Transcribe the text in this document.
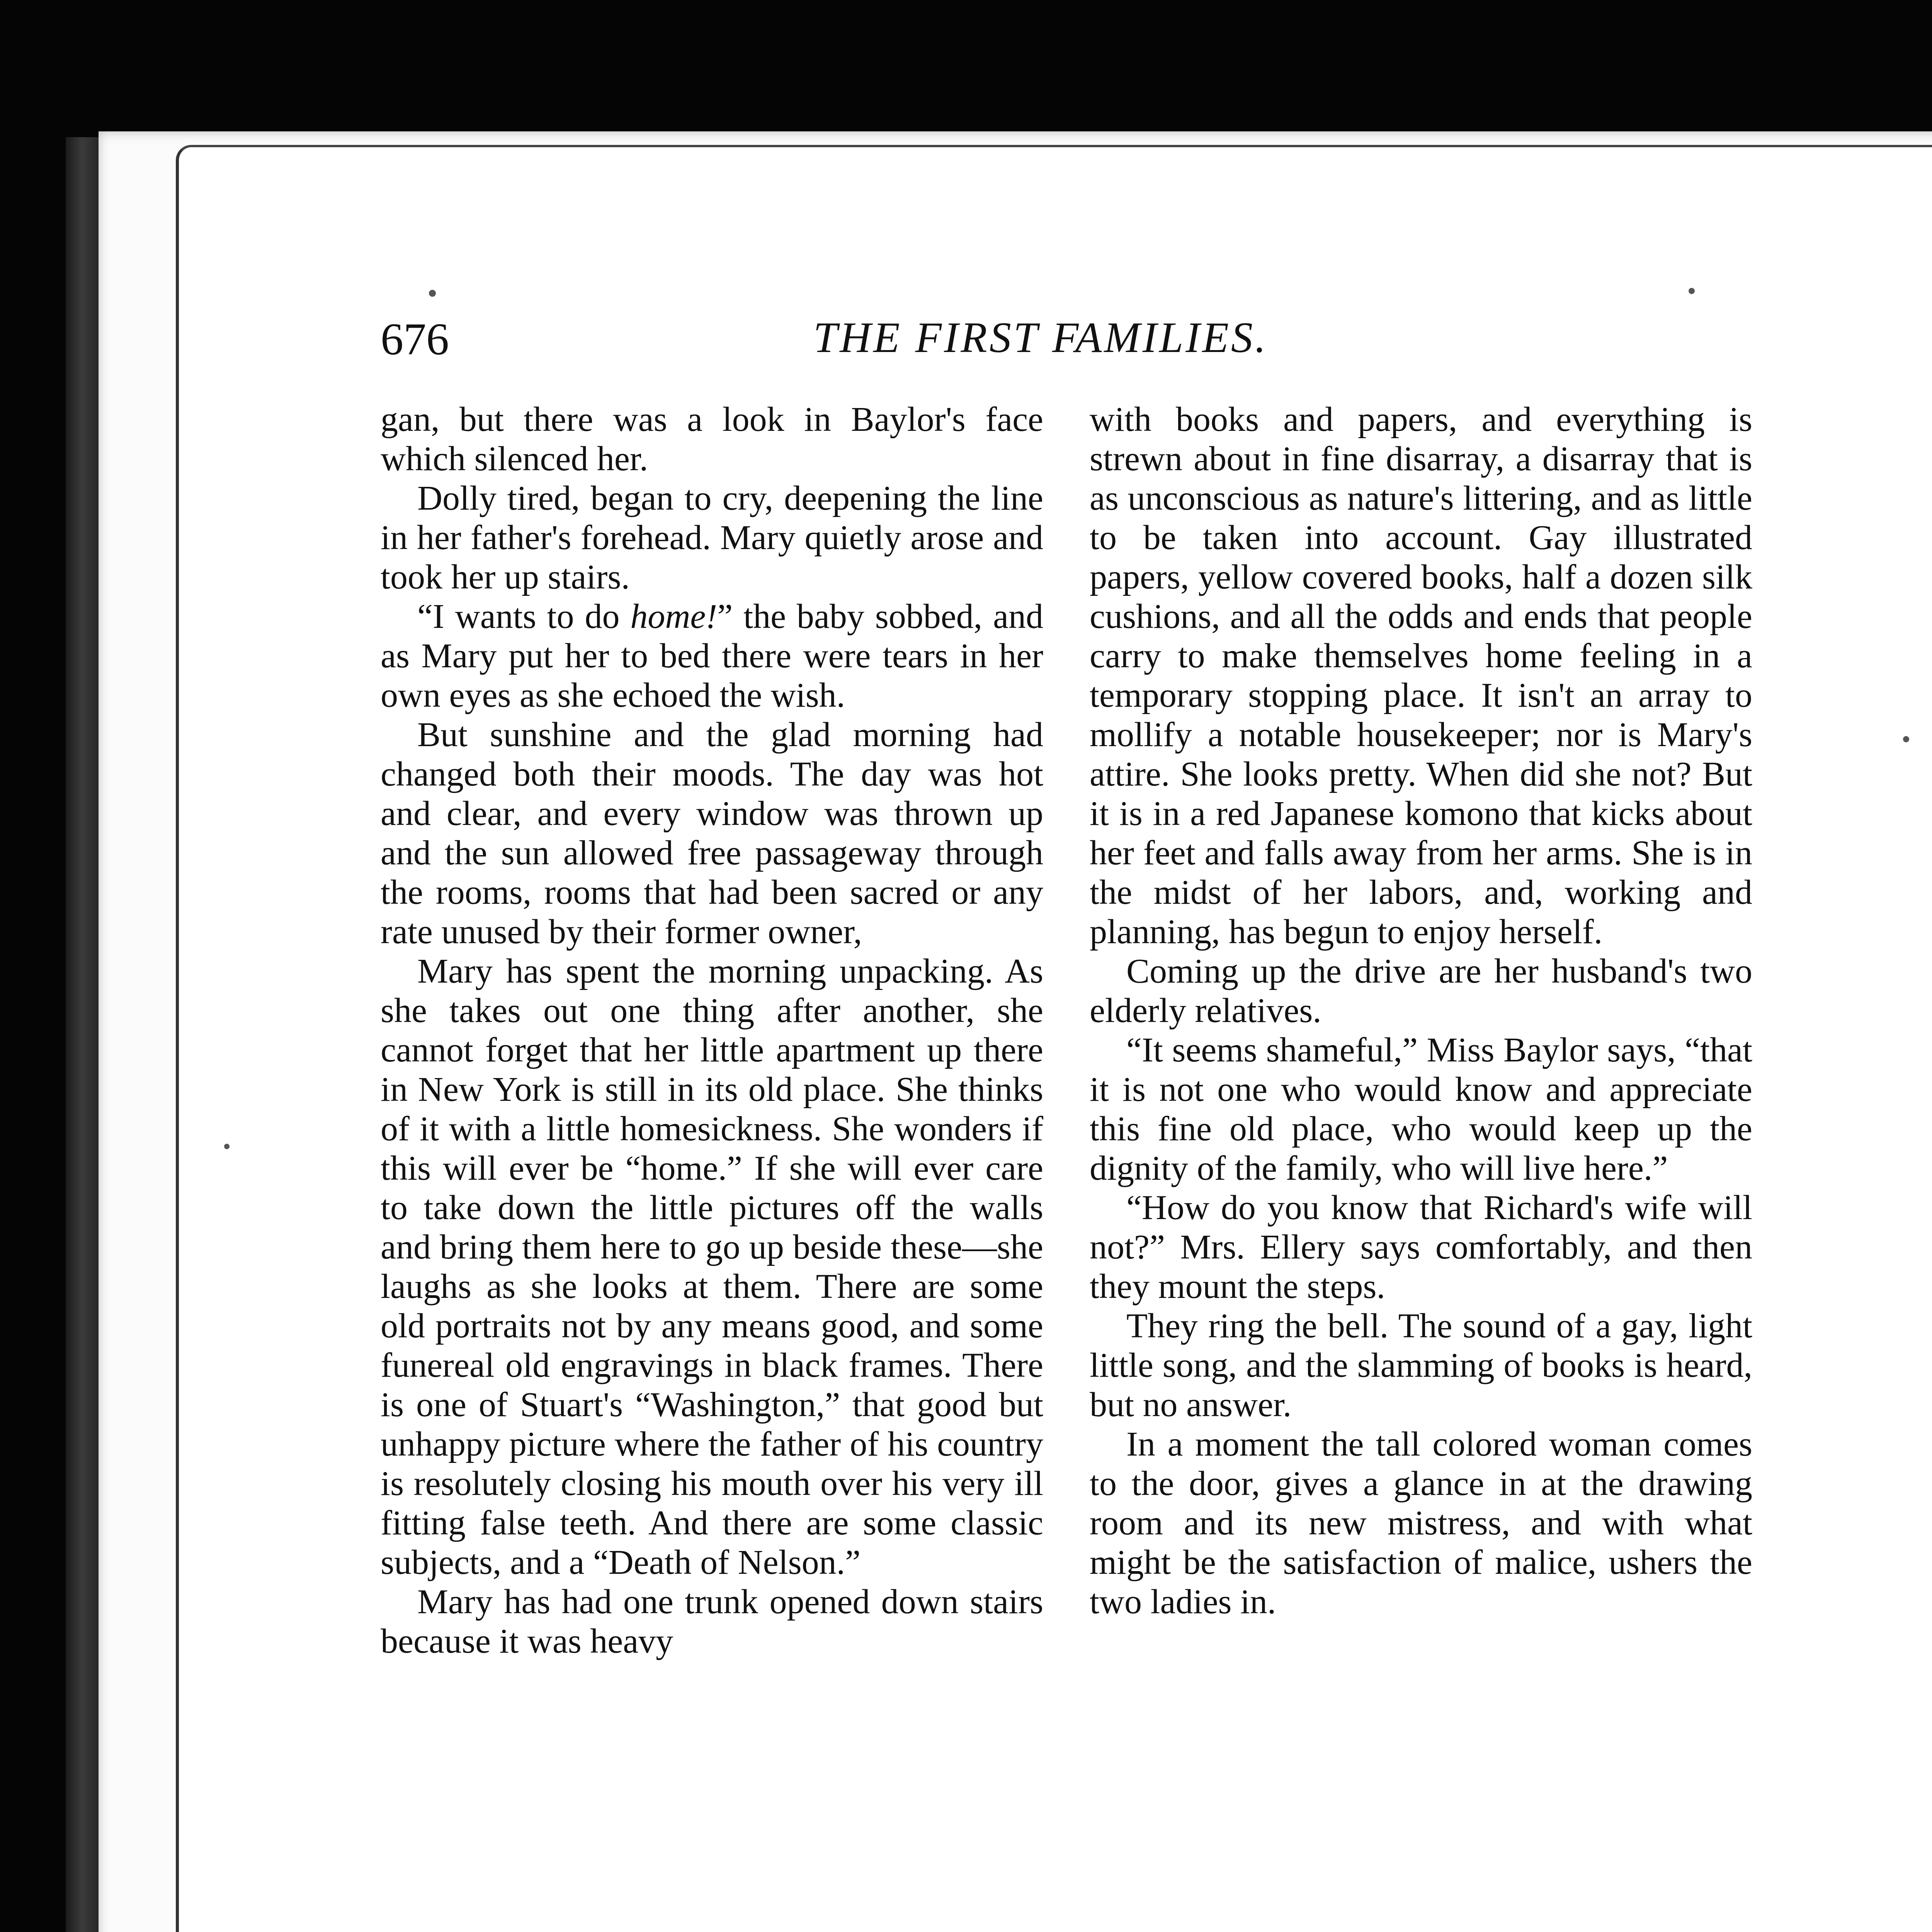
676	THE FIRST FAMILIES.

gan, but there was a look in Baylor's face which silenced her.

Dolly tired, began to cry, deepening the line in her father's forehead. Mary quietly arose and took her up stairs.

“I wants to do home!” the baby sobbed, and as Mary put her to bed there were tears in her own eyes as she echoed the wish.

But sunshine and the glad morning had changed both their moods. The day was hot and clear, and every window was thrown up and the sun allowed free passageway through the rooms, rooms that had been sacred or any rate unused by their former owner,

Mary has spent the morning unpacking. As she takes out one thing after another, she cannot forget that her little apartment up there in New York is still in its old place. She thinks of it with a little homesickness. She wonders if this will ever be “home.” If she will ever care to take down the little pictures off the walls and bring them here to go up beside these—she laughs as she looks at them. There are some old portraits not by any means good, and some funereal old engravings in black frames. There is one of Stuart's “Washington,” that good but unhappy picture where the father of his country is resolutely closing his mouth over his very ill fitting false teeth. And there are some classic subjects, and a “Death of Nelson.”

Mary has had one trunk opened down stairs because it was heavy

with books and papers, and everything is strewn about in fine disarray, a disarray that is as unconscious as nature's littering, and as little to be taken into account. Gay illustrated papers, yellow covered books, half a dozen silk cushions, and all the odds and ends that people carry to make themselves home feeling in a temporary stopping place. It isn't an array to mollify a notable housekeeper; nor is Mary's attire. She looks pretty. When did she not? But it is in a red Japanese komono that kicks about her feet and falls away from her arms. She is in the midst of her labors, and, working and planning, has begun to enjoy herself.

Coming up the drive are her husband's two elderly relatives.

“It seems shameful,” Miss Baylor says, “that it is not one who would know and appreciate this fine old place, who would keep up the dignity of the family, who will live here.”

“How do you know that Richard's wife will not?” Mrs. Ellery says comfortably, and then they mount the steps.

They ring the bell. The sound of a gay, light little song, and the slamming of books is heard, but no answer.

In a moment the tall colored woman comes to the door, gives a glance in at the drawing room and its new mistress, and with what might be the satisfaction of malice, ushers the two ladies in.
